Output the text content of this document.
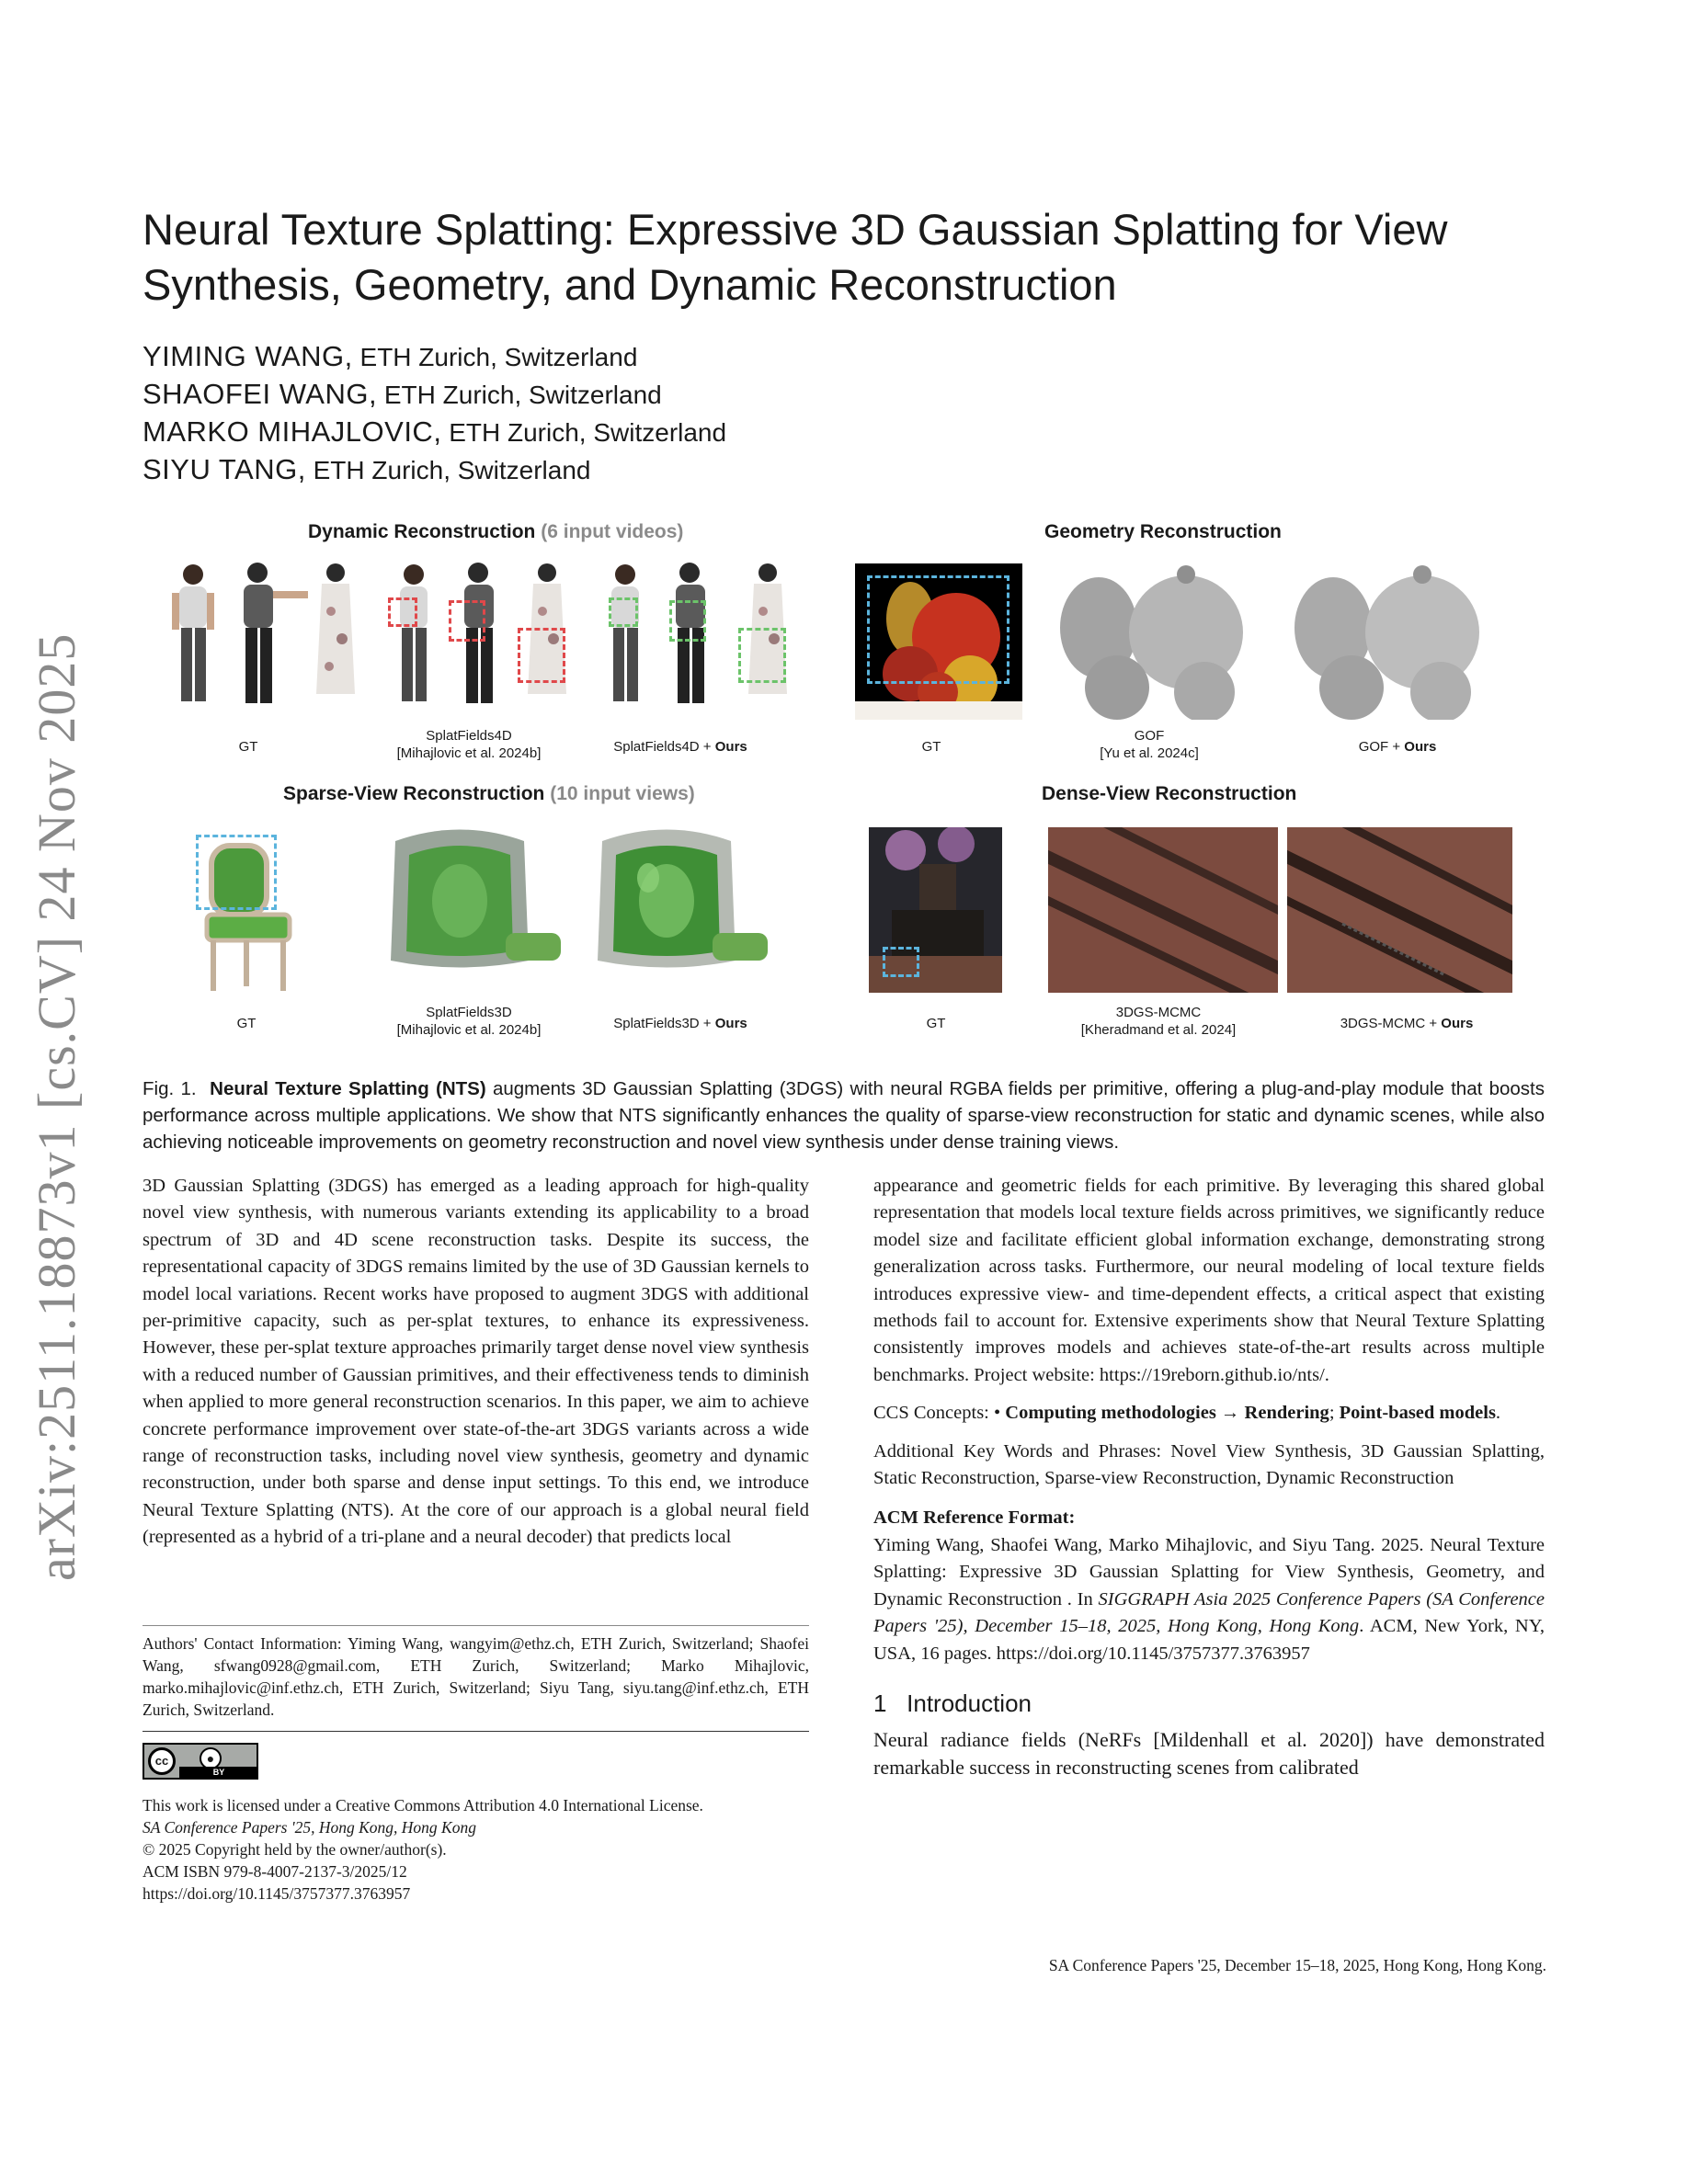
arXiv:2511.18873v1 [cs.CV] 24 Nov 2025
Neural Texture Splatting: Expressive 3D Gaussian Splatting for View Synthesis, Geometry, and Dynamic Reconstruction
YIMING WANG, ETH Zurich, Switzerland
SHAOFEI WANG, ETH Zurich, Switzerland
MARKO MIHAJLOVIC, ETH Zurich, Switzerland
SIYU TANG, ETH Zurich, Switzerland
Dynamic Reconstruction (6 input videos)
GT
SplatFields4D
[Mihajlovic et al. 2024b]	SplatFields4D + Ours
Geometry Reconstruction
GT
GOF
[Yu et al. 2024c]	GOF + Ours
Sparse-View Reconstruction (10 input views)
GT
SplatFields3D
[Mihajlovic et al. 2024b]	SplatFields3D + Ours
Dense-View Reconstruction
GT
3DGS-MCMC
[Kheradmand et al. 2024]	3DGS-MCMC + Ours
Fig. 1. Neural Texture Splatting (NTS) augments 3D Gaussian Splatting (3DGS) with neural RGBA fields per primitive, offering a plug-and-play module that boosts performance across multiple applications. We show that NTS significantly enhances the quality of sparse-view reconstruction for static and dynamic scenes, while also achieving noticeable improvements on geometry reconstruction and novel view synthesis under dense training views.

3D Gaussian Splatting (3DGS) has emerged as a leading approach for high-quality novel view synthesis, with numerous variants extending its applicability to a broad spectrum of 3D and 4D scene reconstruction tasks. Despite its success, the representational capacity of 3DGS remains limited by the use of 3D Gaussian kernels to model local variations. Recent works have proposed to augment 3DGS with additional per-primitive capacity, such as per-splat textures, to enhance its expressiveness. However, these per-splat texture approaches primarily target dense novel view synthesis with a reduced number of Gaussian primitives, and their effectiveness tends to diminish when applied to more general reconstruction scenarios. In this paper, we aim to achieve concrete performance improvement over state-of-the-art 3DGS variants across a wide range of reconstruction tasks, including novel view synthesis, geometry and dynamic reconstruction, under both sparse and dense input settings. To this end, we introduce Neural Texture Splatting (NTS). At the core of our approach is a global neural field (represented as a hybrid of a tri-plane and a neural decoder) that predicts local

Authors' Contact Information: Yiming Wang, wangyim@ethz.ch, ETH Zurich, Switzerland; Shaofei Wang, sfwang0928@gmail.com, ETH Zurich, Switzerland; Marko Mihajlovic, marko.mihajlovic@inf.ethz.ch, ETH Zurich, Switzerland; Siyu Tang, siyu.tang@inf.ethz.ch, ETH Zurich, Switzerland.
cc	●
BY
This work is licensed under a Creative Commons Attribution 4.0 International License.
SA Conference Papers '25, Hong Kong, Hong Kong
© 2025 Copyright held by the owner/author(s).
ACM ISBN 979-8-4007-2137-3/2025/12
https://doi.org/10.1145/3757377.3763957

appearance and geometric fields for each primitive. By leveraging this shared global representation that models local texture fields across primitives, we significantly reduce model size and facilitate efficient global information exchange, demonstrating strong generalization across tasks. Furthermore, our neural modeling of local texture fields introduces expressive view- and time-dependent effects, a critical aspect that existing methods fail to account for. Extensive experiments show that Neural Texture Splatting consistently improves models and achieves state-of-the-art results across multiple benchmarks. Project website: https://19reborn.github.io/nts/.

CCS Concepts: • Computing methodologies → Rendering; Point-based models.

Additional Key Words and Phrases: Novel View Synthesis, 3D Gaussian Splatting, Static Reconstruction, Sparse-view Reconstruction, Dynamic Reconstruction

ACM Reference Format:

Yiming Wang, Shaofei Wang, Marko Mihajlovic, and Siyu Tang. 2025. Neural Texture Splatting: Expressive 3D Gaussian Splatting for View Synthesis, Geometry, and Dynamic Reconstruction . In SIGGRAPH Asia 2025 Conference Papers (SA Conference Papers '25), December 15–18, 2025, Hong Kong, Hong Kong. ACM, New York, NY, USA, 16 pages. https://doi.org/10.1145/3757377.3763957

1 Introduction

Neural radiance fields (NeRFs [Mildenhall et al. 2020]) have demonstrated remarkable success in reconstructing scenes from calibrated

SA Conference Papers '25, December 15–18, 2025, Hong Kong, Hong Kong.
